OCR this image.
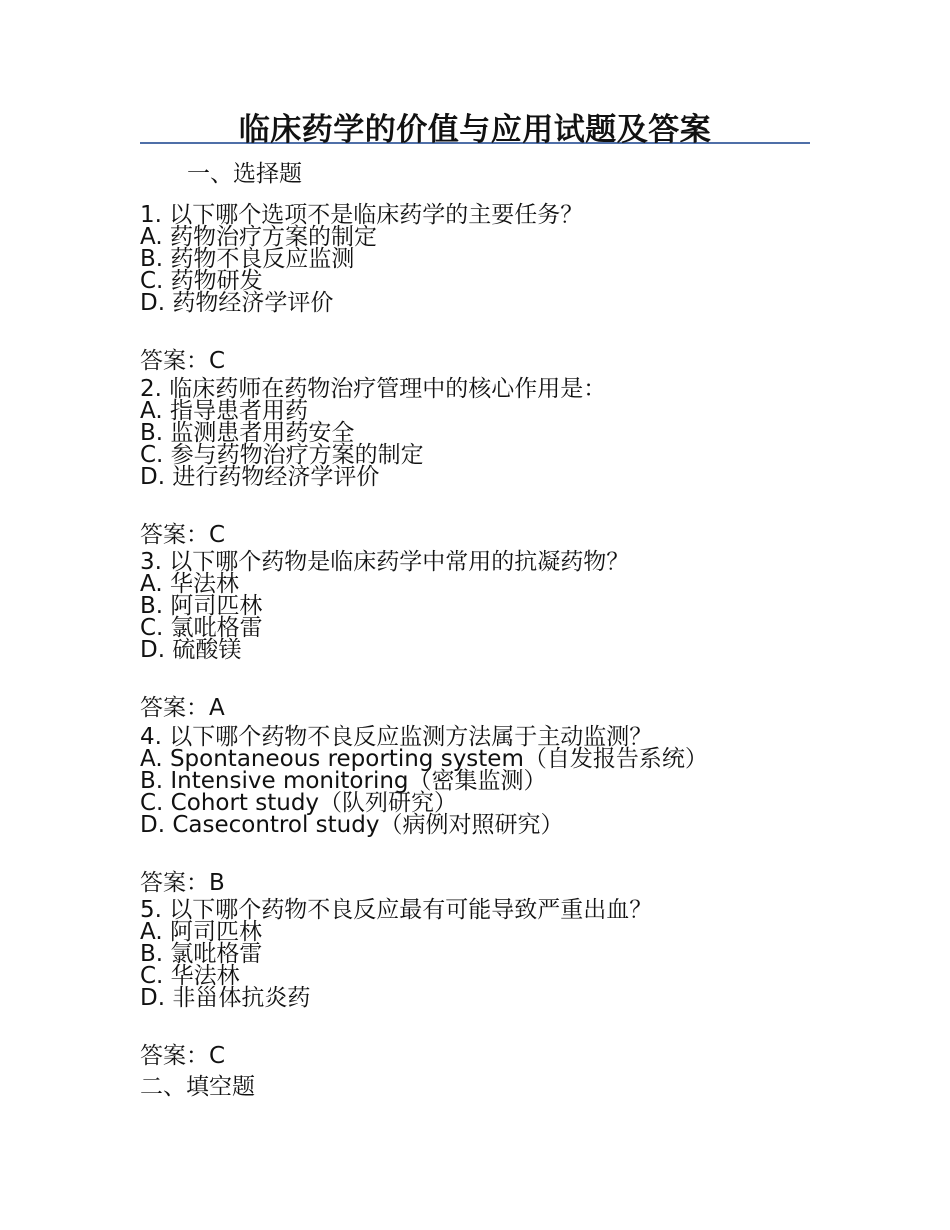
临床药学的价值与应用试题及答案
一、选择题
1. 以下哪个选项不是临床药学的主要任务？
A. 药物治疗方案的制定
B. 药物不良反应监测
C. 药物研发
D. 药物经济学评价
答案：C
2. 临床药师在药物治疗管理中的核心作用是：
A. 指导患者用药
B. 监测患者用药安全
C. 参与药物治疗方案的制定
D. 进行药物经济学评价
答案：C
3. 以下哪个药物是临床药学中常用的抗凝药物？
A. 华法林
B. 阿司匹林
C. 氯吡格雷
D. 硫酸镁
答案：A
4. 以下哪个药物不良反应监测方法属于主动监测？
A. Spontaneous reporting system（自发报告系统）
B. Intensive monitoring（密集监测）
C. Cohort study（队列研究）
D. Casecontrol study（病例对照研究）
答案：B
5. 以下哪个药物不良反应最有可能导致严重出血？
A. 阿司匹林
B. 氯吡格雷
C. 华法林
D. 非甾体抗炎药
答案：C
二、填空题
